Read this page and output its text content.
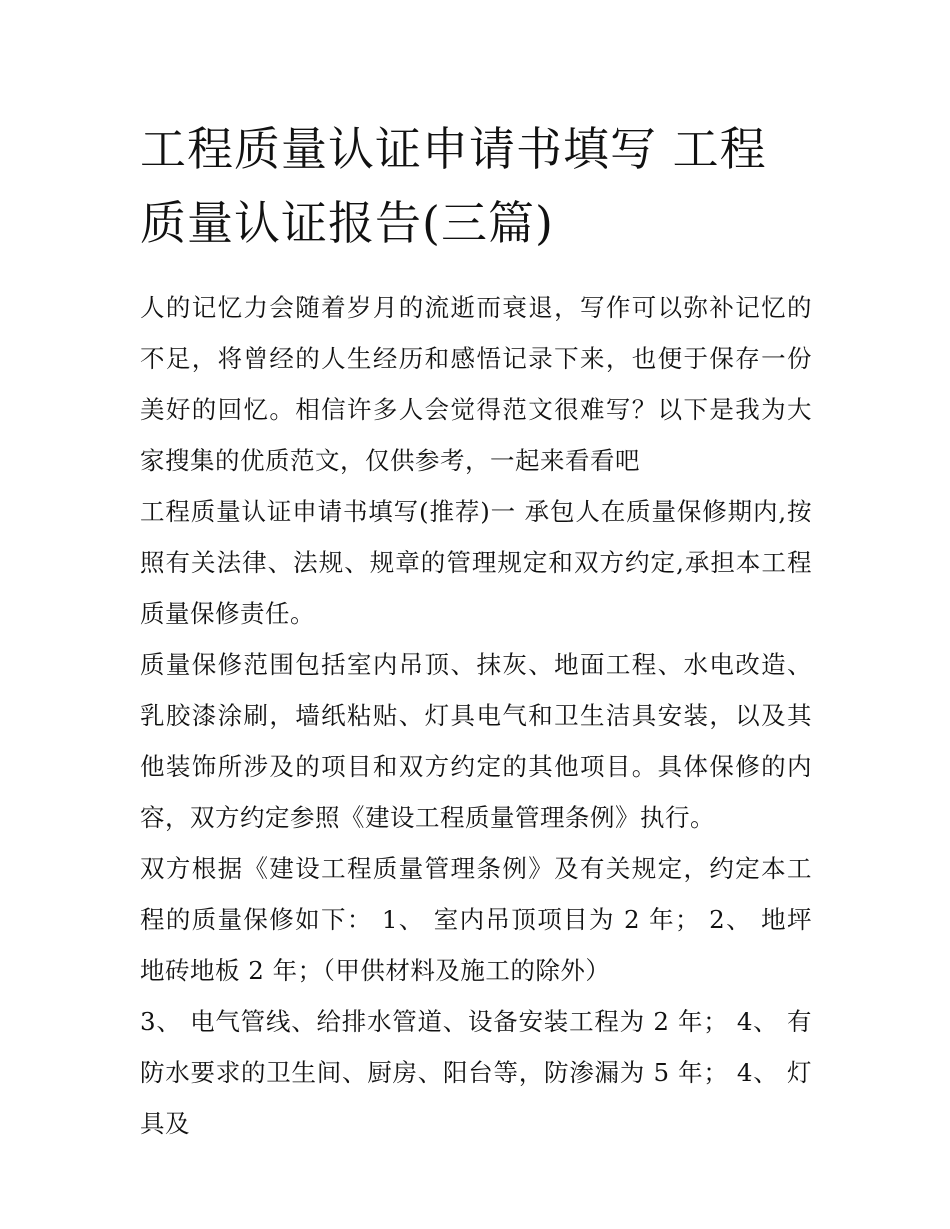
工程质量认证申请书填写 工程质量认证报告(三篇)

人的记忆力会随着岁月的流逝而衰退，写作可以弥补记忆的不足，将曾经的人生经历和感悟记录下来，也便于保存一份美好的回忆。相信许多人会觉得范文很难写？以下是我为大家搜集的优质范文，仅供参考，一起来看看吧

工程质量认证申请书填写(推荐)一 承包人在质量保修期内,按照有关法律、法规、规章的管理规定和双方约定,承担本工程质量保修责任。

质量保修范围包括室内吊顶、抹灰、地面工程、水电改造、乳胶漆涂刷，墙纸粘贴、灯具电气和卫生洁具安装，以及其他装饰所涉及的项目和双方约定的其他项目。具体保修的内容，双方约定参照《建设工程质量管理条例》执行。

双方根据《建设工程质量管理条例》及有关规定，约定本工程的质量保修如下： 1、 室内吊顶项目为 2 年； 2、 地坪地砖地板 2 年；（甲供材料及施工的除外）

3、 电气管线、给排水管道、设备安装工程为 2 年； 4、 有防水要求的卫生间、厨房、阳台等，防渗漏为 5 年； 4、 灯具及
